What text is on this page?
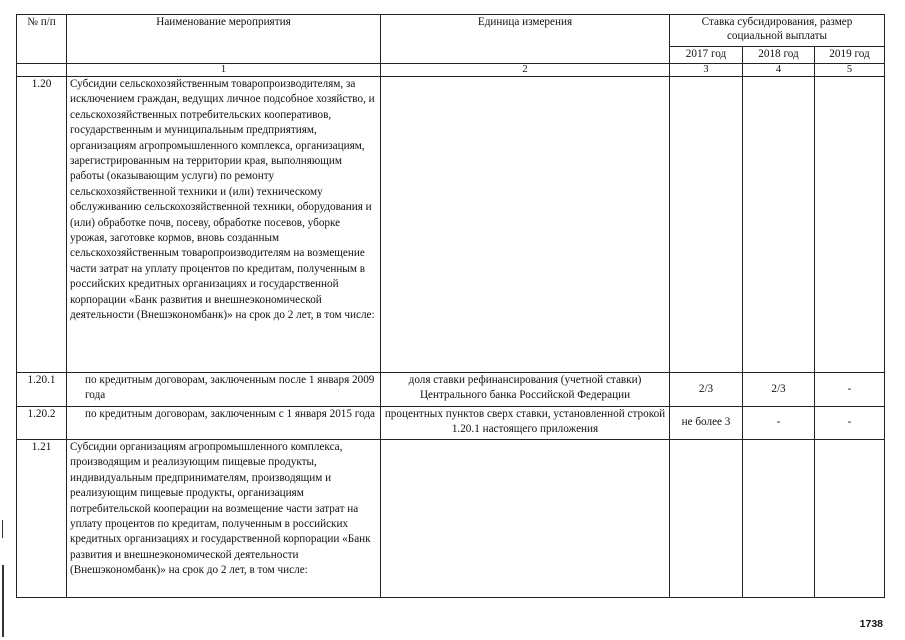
№ п/п	Наименование мероприятия	Единица измерения	Ставка субсидирования, размер социальной выплаты		
			2017 год	2018 год	2019 год
	1	2	3	4	5
1.20	Субсидии сельскохозяйственным товаропроизводителям, за исключением граждан, ведущих личное подсобное хозяйство, и сельскохозяйственных потребительских кооперативов, государственным и муниципальным предприятиям, организациям агропромышленного комплекса, организациям, зарегистрированным на территории края, выполняющим работы (оказывающим услуги) по ремонту сельскохозяйственной техники и (или) техническому обслуживанию сельскохозяйственной техники, оборудования и (или) обработке почв, посеву, обработке посевов, уборке урожая, заготовке кормов, вновь созданным сельскохозяйственным товаропроизводителям на возмещение части затрат на уплату процентов по кредитам, полученным в российских кредитных организациях и государственной корпорации «Банк развития и внешнеэкономической деятельности (Внешэкономбанк)» на срок до 2 лет, в том числе:				
1.20.1	по кредитным договорам, заключенным после 1 января 2009 года	доля ставки рефинансирования (учетной ставки) Центрального банка Российской Федерации	2/3	2/3	-
1.20.2	по кредитным договорам, заключенным с 1 января 2015 года	процентных пунктов сверх ставки, установленной строкой 1.20.1 настоящего приложения	не более 3	-	-
1.21	Субсидии организациям агропромышленного комплекса, производящим и реализующим пищевые продукты, индивидуальным предпринимателям, производящим и реализующим пищевые продукты, организациям потребительской кооперации на возмещение части затрат на уплату процентов по кредитам, полученным в российских кредитных организациях и государственной корпорации «Банк развития и внешнеэкономической деятельности (Внешэкономбанк)» на срок до 2 лет, в том числе:				
1738
